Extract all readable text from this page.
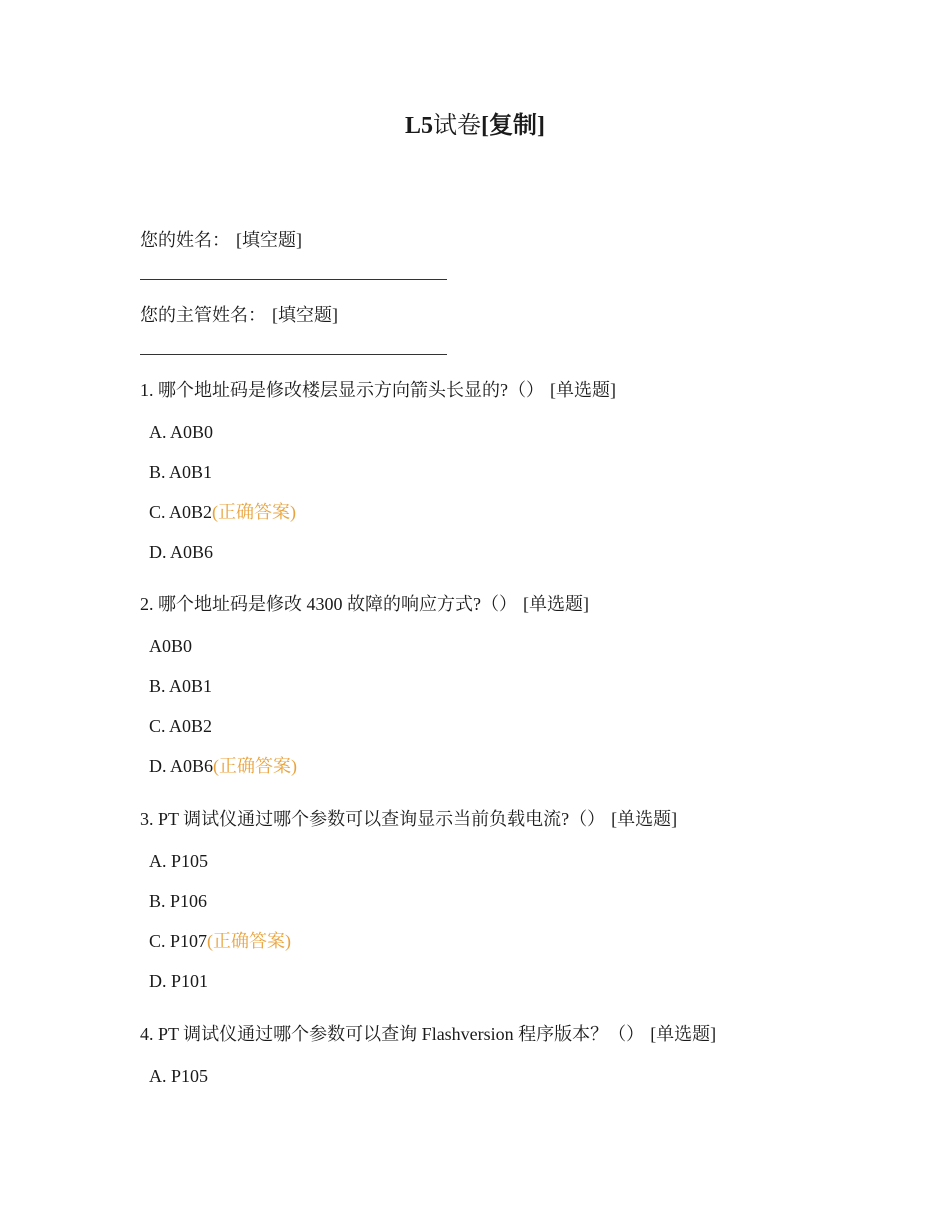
L5试卷[复制]
您的姓名： [填空题]
您的主管姓名： [填空题]
1. 哪个地址码是修改楼层显示方向箭头长显的?（） [单选题]
A. A0B0
B. A0B1
C. A0B2(正确答案)
D. A0B6
2. 哪个地址码是修改 4300 故障的响应方式?（） [单选题]
A0B0
B. A0B1
C. A0B2
D. A0B6(正确答案)
3. PT 调试仪通过哪个参数可以查询显示当前负载电流?（） [单选题]
A. P105
B. P106
C. P107(正确答案)
D. P101
4. PT 调试仪通过哪个参数可以查询 Flashversion 程序版本？（） [单选题]
A. P105
